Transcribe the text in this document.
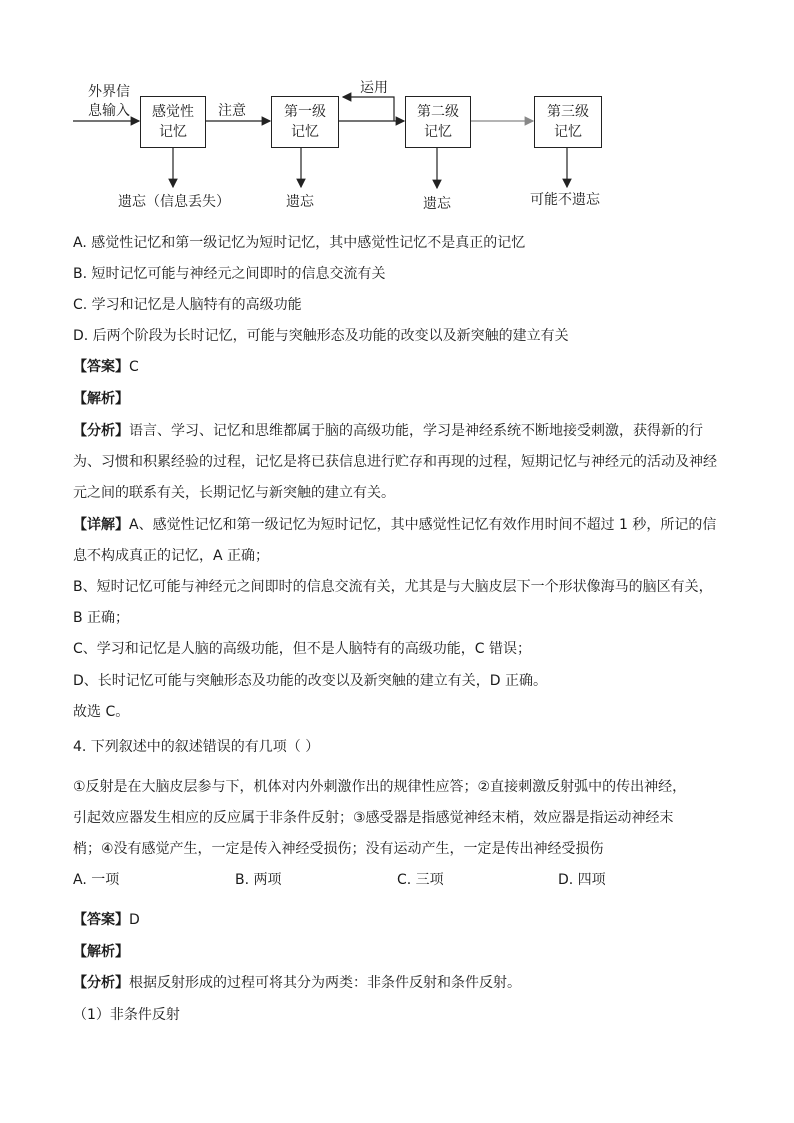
外界信
息输入	感觉性
记忆
第一级
记忆
第二级
记忆
第三级
记忆
注意
运用
遗忘（信息丢失）	遗忘	遗忘	可能不遗忘
A. 感觉性记忆和第一级记忆为短时记忆，其中感觉性记忆不是真正的记忆
B. 短时记忆可能与神经元之间即时的信息交流有关
C. 学习和记忆是人脑特有的高级功能
D. 后两个阶段为长时记忆，可能与突触形态及功能的改变以及新突触的建立有关
【答案】C
【解析】
【分析】语言、学习、记忆和思维都属于脑的高级功能，学习是神经系统不断地接受刺激，获得新的行
为、习惯和积累经验的过程，记忆是将已获信息进行贮存和再现的过程，短期记忆与神经元的活动及神经
元之间的联系有关，长期记忆与新突触的建立有关。
【详解】A、感觉性记忆和第一级记忆为短时记忆，其中感觉性记忆有效作用时间不超过 1 秒，所记的信
息不构成真正的记忆，A 正确；
B、短时记忆可能与神经元之间即时的信息交流有关，尤其是与大脑皮层下一个形状像海马的脑区有关，
B 正确；
C、学习和记忆是人脑的高级功能，但不是人脑特有的高级功能，C 错误；
D、长时记忆可能与突触形态及功能的改变以及新突触的建立有关，D 正确。
故选 C。
4. 下列叙述中的叙述错误的有几项（ ）
①反射是在大脑皮层参与下，机体对内外刺激作出的规律性应答；②直接刺激反射弧中的传出神经，
引起效应器发生相应的反应属于非条件反射；③感受器是指感觉神经末梢，效应器是指运动神经末
梢；④没有感觉产生，一定是传入神经受损伤；没有运动产生，一定是传出神经受损伤
A. 一项	B. 两项	C. 三项	D. 四项
【答案】D
【解析】
【分析】根据反射形成的过程可将其分为两类：非条件反射和条件反射。
（1）非条件反射
